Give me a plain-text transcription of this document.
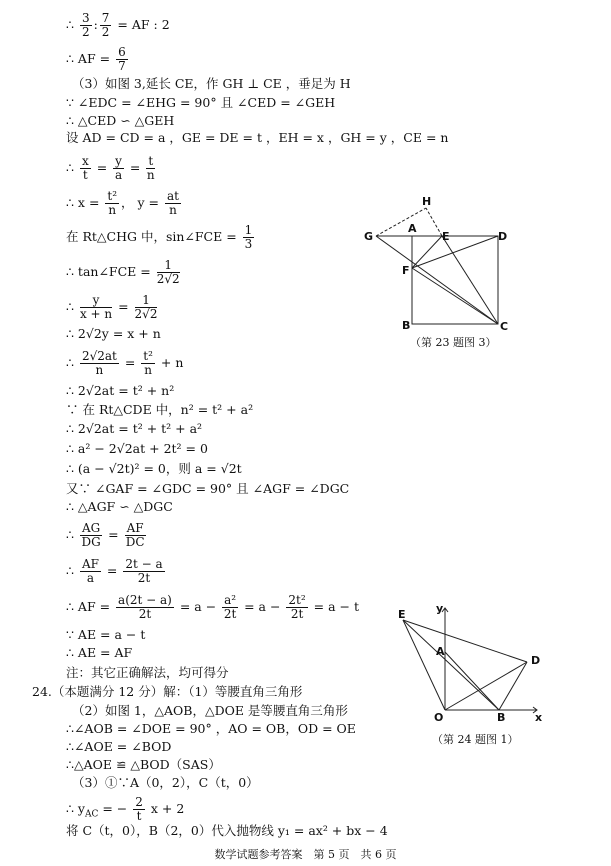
∴ $\frac{3}{2}$ : $\frac{7}{2}$ = AF : 2
∴ AF = $\frac{6}{7}$
（3）如图 3,延长 CE，作 GH ⊥ CE ，垂足为 H
∵ ∠EDC = ∠EHG = 90° 且 ∠CED = ∠GEH
∴ △CED ∽ △GEH
设 AD = CD = a ，GE = DE = t ，EH = x ，GH = y ，CE = n
∴ $\frac{x}{t} = \frac{y}{a} = \frac{t}{n}$
∴ $x = \frac{\text{t²}}{n}$ ， $y = \frac{at}{n}$
在 Rt△CHG 中，sin∠FCE = $\frac{1}{3}$
∴ tan∠FCE = $\frac{1}{2√2}$
∴ $\frac{y}{x + n} = \frac{1}{2√2}$
∴ 2√2y = x + n
∴ $\frac{2√2at}{n} = \frac{\text{t²}}{n} + n$
∴ 2√2at = t² + n²
∵ 在 Rt△CDE 中，n² = t² + a²
∴ 2√2at = t² + t² + a²
∴ a² − 2√2at + 2t² = 0
∴ (a − √2t)² = 0，则 a = √2t
又∵ ∠GAF = ∠GDC = 90° 且 ∠AGF = ∠DGC
∴ △AGF ∽ △DGC
∴ $\frac{AG}{DG} = \frac{AF}{DC}$
∴ $\frac{AF}{a} = \frac{2t - a}{2t}$
∴ AF = $\frac{a(2t - a)}{2t} = a - \frac{\text{a²}}{2t} = a - \frac{\text{2t²}}{2t} = a - t$
∵ AE = a − t
∴ AE = AF
注：其它正确解法，均可得分
24.（本题满分 12 分）解：（1）等腰直角三角形
（2）如图 1，△AOB，△DOE 是等腰直角三角形
∴∠AOB = ∠DOE = 90° ，AO = OB，OD = OE
∴∠AOE = ∠BOD
∴△AOE ≌ △BOD（SAS）
（3）①∵A（0，2），C（t，0）
∴ $y_{AC}$ = − $\frac{2}{t}$ x + 2
将 C（t，0），B（2，0）代入抛物线 y₁ = ax² + bx − 4
H
G
A
E	D
F
B	C
（第 23 题图 3）
E	y
A
D
O	B	x
（第 24 题图 1）
数学试题参考答案　第 5 页　共 6 页
